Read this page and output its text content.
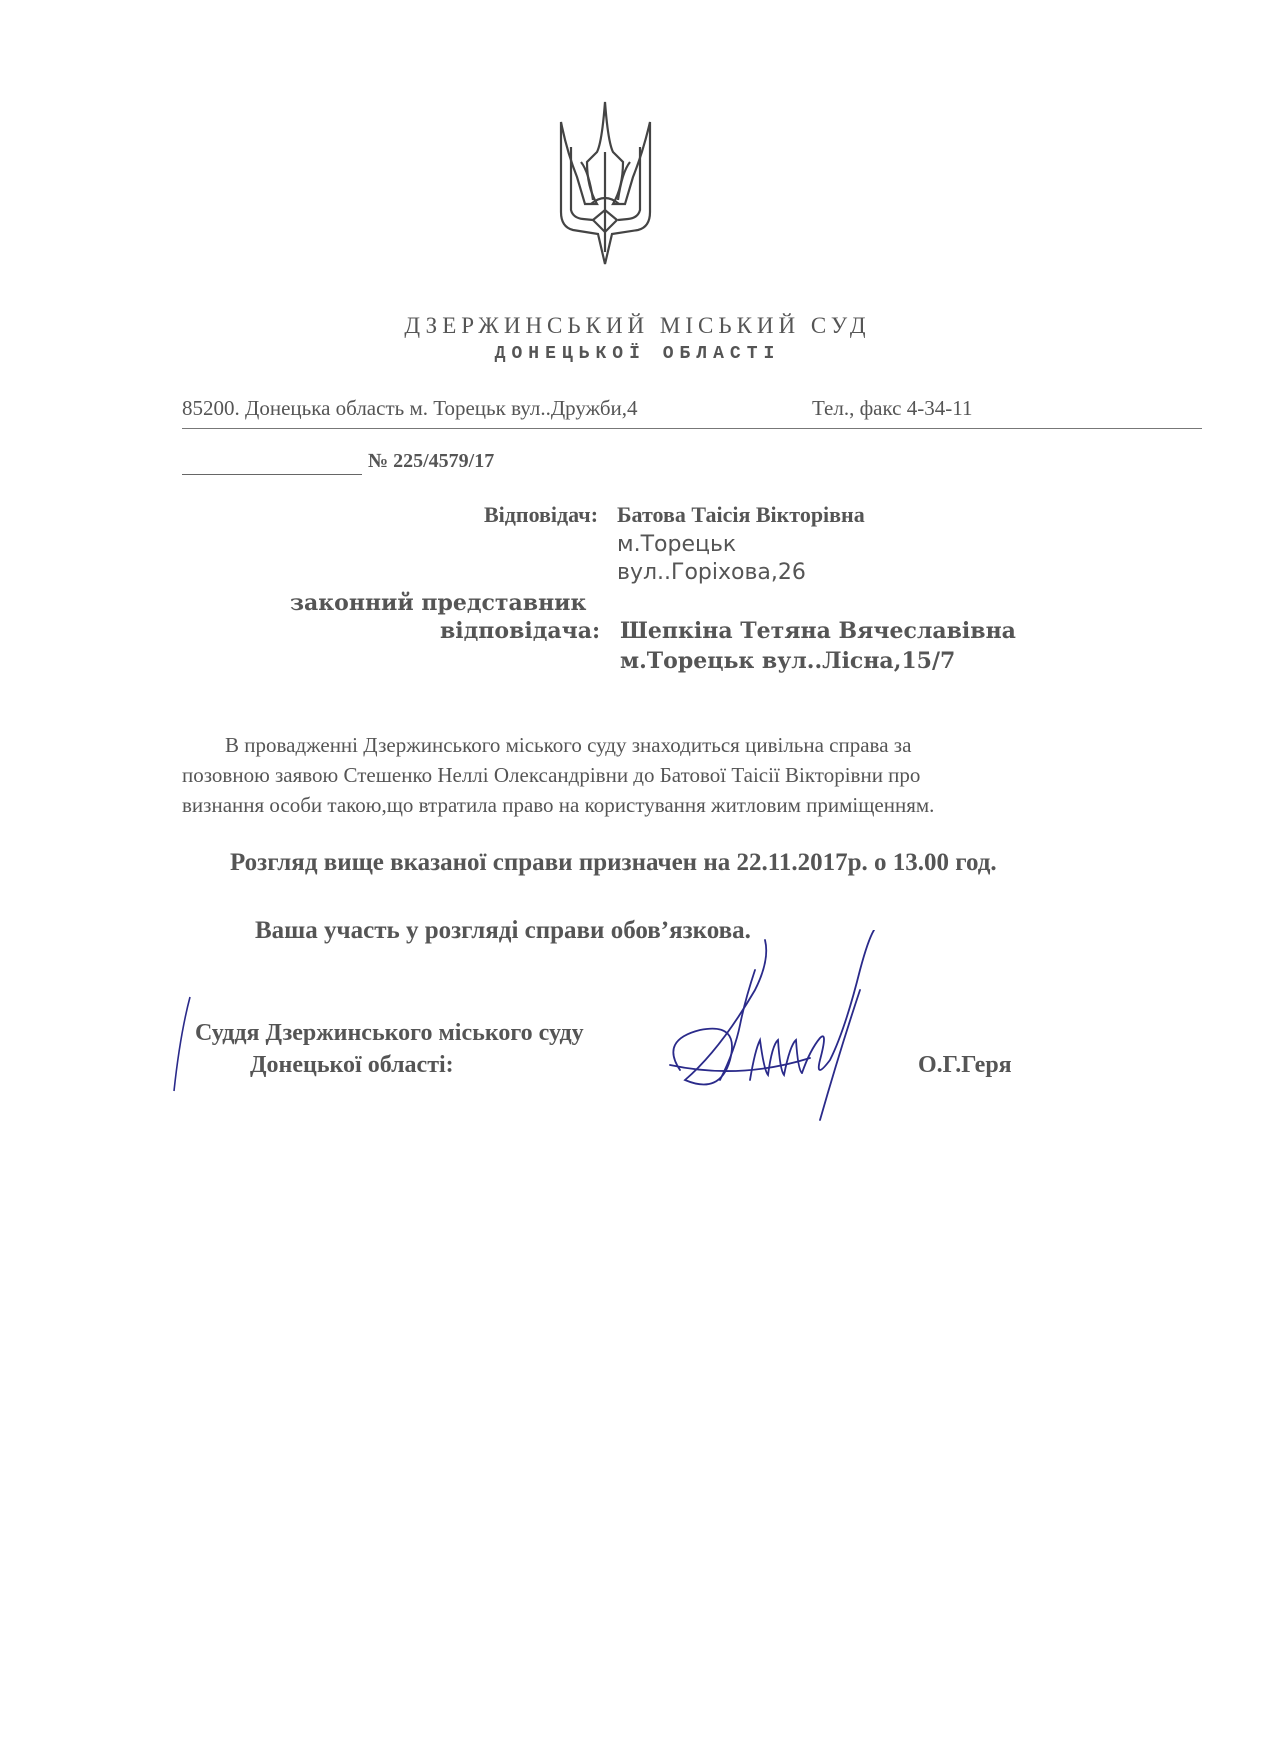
ДЗЕРЖИНСЬКИЙ МІСЬКИЙ СУД
ДОНЕЦЬКОЇ ОБЛАСТІ
85200. Донецька область м. Торецьк вул..Дружби,4	Тел., факс 4-34-11
№ 225/4579/17
Відповідач: Батова Таісія Вікторівна
м.Торецьк
вул..Горіхова,26
законний представник
відповідача: Шепкіна Тетяна Вячеславівна
м.Торецьк вул..Лісна,15/7
В провадженні Дзержинського міського суду знаходиться цивільна справа за
позовною заявою Стешенко Неллі Олександрівни до Батової Таісії Вікторівни про
визнання особи такою,що втратила право на користування житловим приміщенням.
Розгляд вище вказаної справи призначен на 22.11.2017р. о 13.00 год.
Ваша участь у розгляді справи обов’язкова.
Суддя Дзержинського міського суду
Донецької області:	О.Г.Геря
